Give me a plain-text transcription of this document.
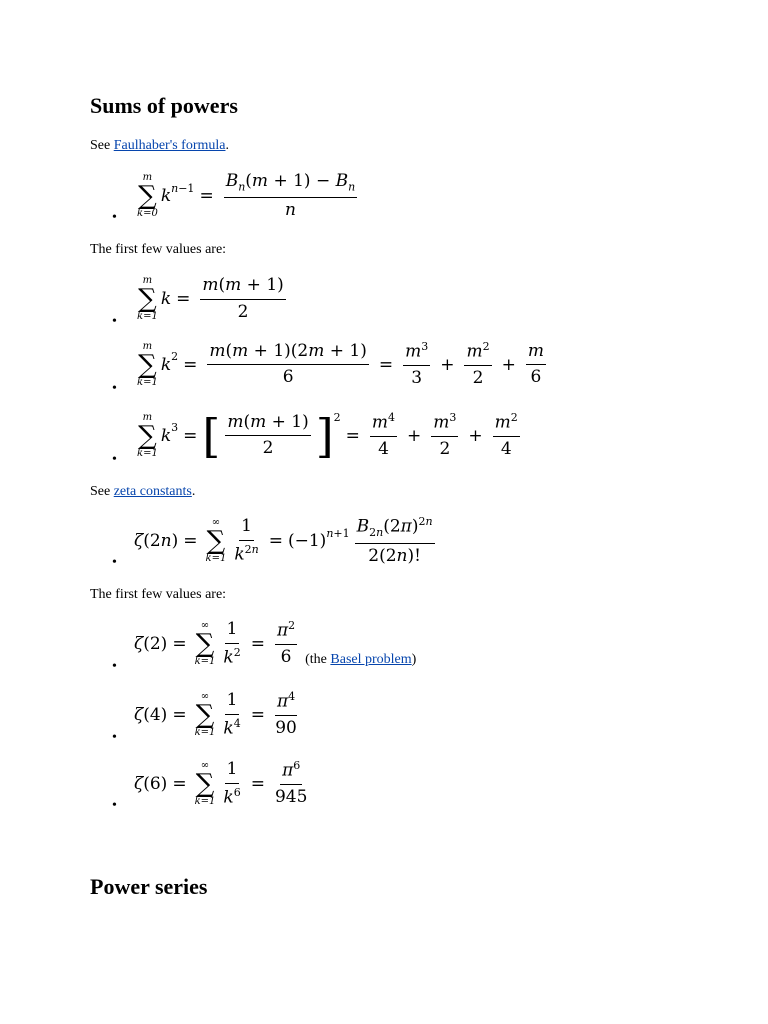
Sums of powers

See Faulhaber's formula.

•
m
∑
k=0
k $^{n-1} = \frac{B_n(m + 1) - B_n}{n}$

The first few values are:

•
m
∑
k=1
$k = \frac{m(m + 1)}{2}$
•
m
∑
k=1
$k^2 = \frac{m(m + 1)(2m + 1)}{6} = \frac{m^3}{3} + \frac{m^2}{2} + \frac{m}{6}$
•
m
∑
k=1
$k^3$ = [ $\frac{m(m + 1)}{2} ]^2$
= $\frac{m^4}{4} + \frac{m^3}{2} + \frac{m^2}{4}$

See zeta constants.

•
ζ (2 n ) =
∞
∑
$k=1 \frac{1}{k^{2n}} = (-1)$ $^{n+1} \frac{B_{2n}(2\pi)^{2n}}{2(2n)!}$

The first few values are:

•
ζ (2) =
∞
∑
$k=1 \frac{1}{k^2} = \frac{\pi^2}{6} (the$ Basel problem)
•
ζ (4) =
∞
∑
$k=1 \frac{1}{k^4} = \frac{\pi^4}{90}$
•
ζ (6) =
∞
∑
$k=1 \frac{1}{k^6} = \frac{\pi^6}{945}$
Power series
